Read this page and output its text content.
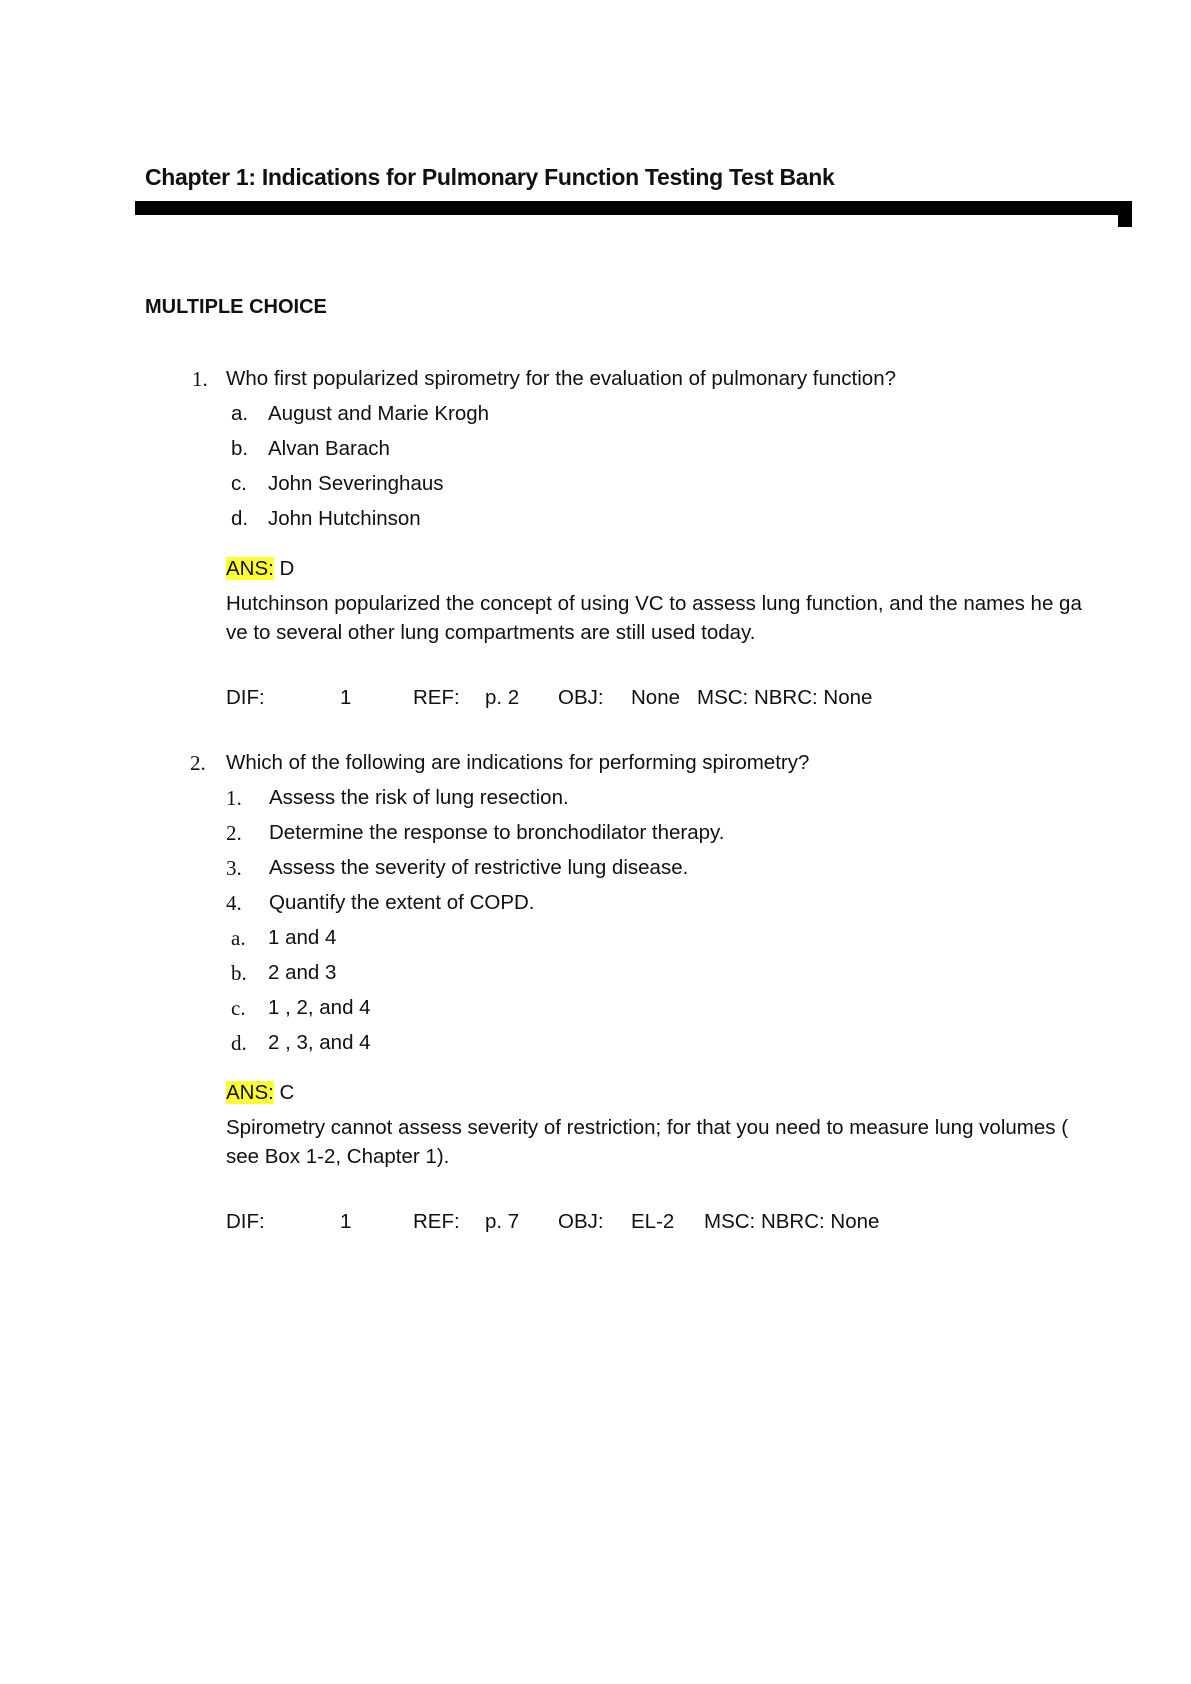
Chapter 1: Indications for Pulmonary Function Testing Test Bank
MULTIPLE CHOICE
1. Who first popularized spirometry for the evaluation of pulmonary function?
a. August and Marie Krogh
b. Alvan Barach
c. John Severinghaus
d. John Hutchinson
ANS: D
Hutchinson popularized the concept of using VC to assess lung function, and the names he ga
ve to several other lung compartments are still used today.
DIF:	1	REF: p. 2 OBJ: None MSC: NBRC: None
2. Which of the following are indications for performing spirometry?
1. Assess the risk of lung resection.
2. Determine the response to bronchodilator therapy.
3. Assess the severity of restrictive lung disease.
4. Quantify the extent of COPD.
a. 1 and 4
b. 2 and 3
c. 1 , 2, and 4
d. 2 , 3, and 4
ANS: C
Spirometry cannot assess severity of restriction; for that you need to measure lung volumes (
see Box 1-2, Chapter 1).
DIF:	1	REF: p. 7 OBJ: EL-2 MSC: NBRC: None
